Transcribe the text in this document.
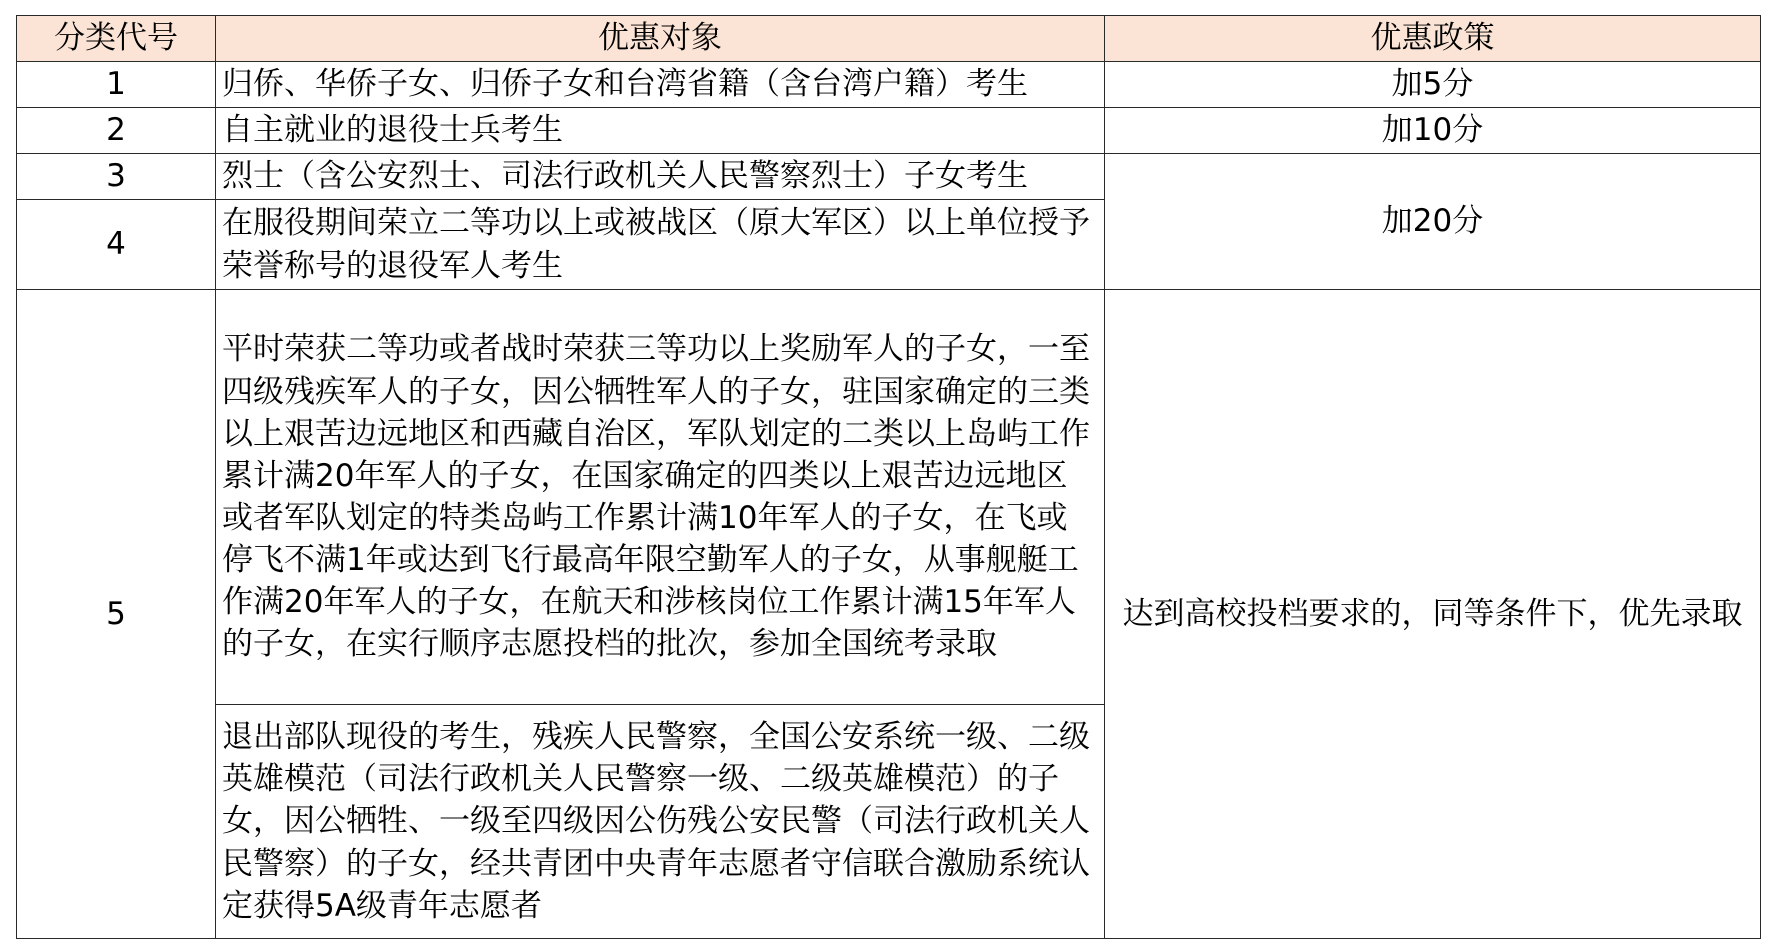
分类代号	优惠对象	优惠政策
1	归侨、华侨子女、归侨子女和台湾省籍（含台湾户籍）考生	加5分
2	自主就业的退役士兵考生	加10分
3	烈士（含公安烈士、司法行政机关人民警察烈士）子女考生	加20分
4	在服役期间荣立二等功以上或被战区（原大军区）以上单位授予荣誉称号的退役军人考生	
5	平时荣获二等功或者战时荣获三等功以上奖励军人的子女，一至四级残疾军人的子女，因公牺牲军人的子女，驻国家确定的三类以上艰苦边远地区和西藏自治区，军队划定的二类以上岛屿工作累计满20年军人的子女，在国家确定的四类以上艰苦边远地区或者军队划定的特类岛屿工作累计满10年军人的子女，在飞或停飞不满1年或达到飞行最高年限空勤军人的子女，从事舰艇工作满20年军人的子女，在航天和涉核岗位工作累计满15年军人的子女，在实行顺序志愿投档的批次，参加全国统考录取	达到高校投档要求的，同等条件下，优先录取
	退出部队现役的考生，残疾人民警察，全国公安系统一级、二级英雄模范（司法行政机关人民警察一级、二级英雄模范）的子女，因公牺牲、一级至四级因公伤残公安民警（司法行政机关人民警察）的子女，经共青团中央青年志愿者守信联合激励系统认定获得5A级青年志愿者	
